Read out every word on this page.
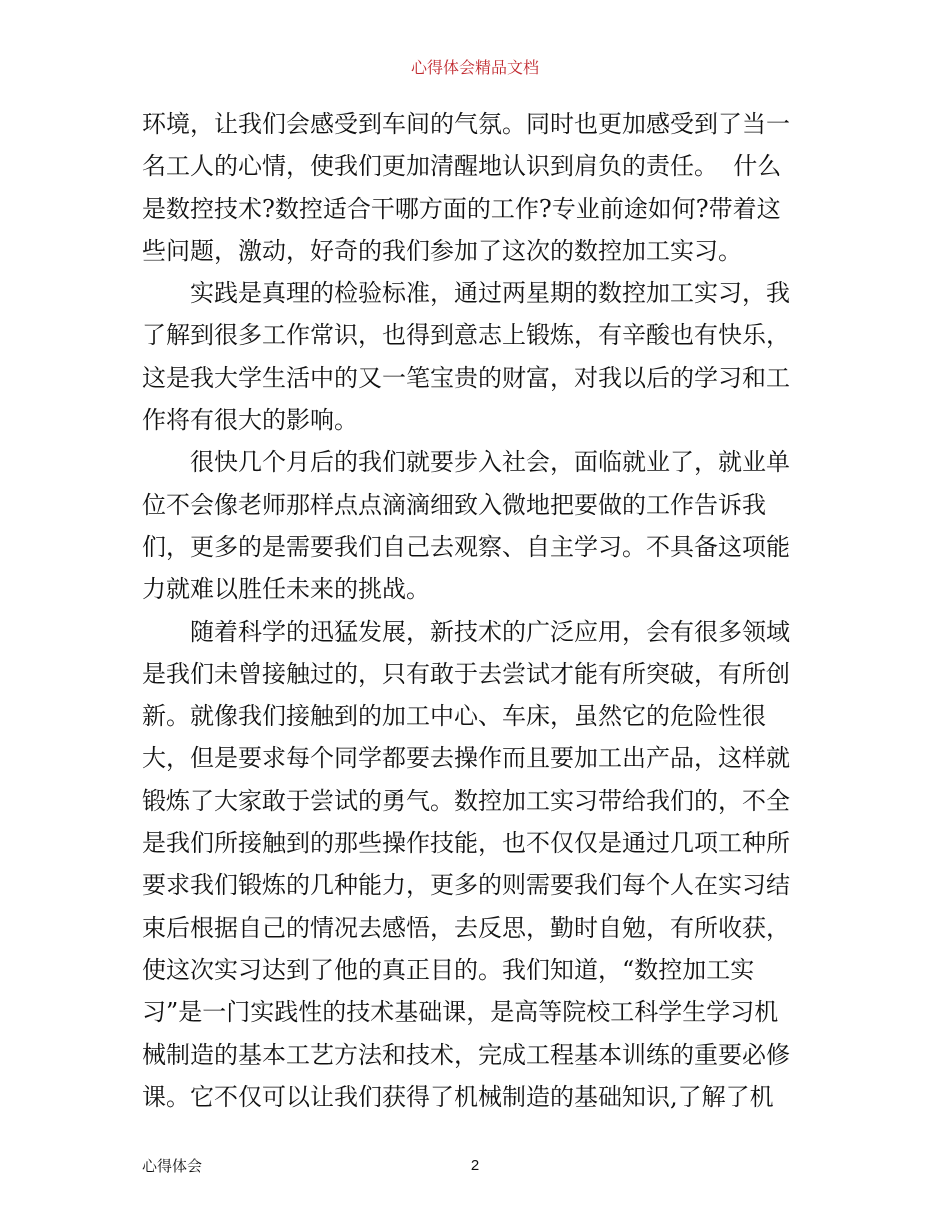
心得体会精品文档
环境，让我们会感受到车间的气氛。同时也更加感受到了当一
名工人的心情，使我们更加清醒地认识到肩负的责任。  什么
是数控技术?数控适合干哪方面的工作?专业前途如何?带着这
些问题，激动，好奇的我们参加了这次的数控加工实习。
实践是真理的检验标准，通过两星期的数控加工实习，我
了解到很多工作常识，也得到意志上锻炼，有辛酸也有快乐，
这是我大学生活中的又一笔宝贵的财富，对我以后的学习和工
作将有很大的影响。
很快几个月后的我们就要步入社会，面临就业了，就业单
位不会像老师那样点点滴滴细致入微地把要做的工作告诉我
们，更多的是需要我们自己去观察、自主学习。不具备这项能
力就难以胜任未来的挑战。
随着科学的迅猛发展，新技术的广泛应用，会有很多领域
是我们未曾接触过的，只有敢于去尝试才能有所突破，有所创
新。就像我们接触到的加工中心、车床，虽然它的危险性很
大，但是要求每个同学都要去操作而且要加工出产品，这样就
锻炼了大家敢于尝试的勇气。数控加工实习带给我们的，不全
是我们所接触到的那些操作技能，也不仅仅是通过几项工种所
要求我们锻炼的几种能力，更多的则需要我们每个人在实习结
束后根据自己的情况去感悟，去反思，勤时自勉，有所收获，
使这次实习达到了他的真正目的。我们知道，“数控加工实
习”是一门实践性的技术基础课，是高等院校工科学生学习机
械制造的基本工艺方法和技术，完成工程基本训练的重要必修
课。它不仅可以让我们获得了机械制造的基础知识,了解了机
心得体会	2
